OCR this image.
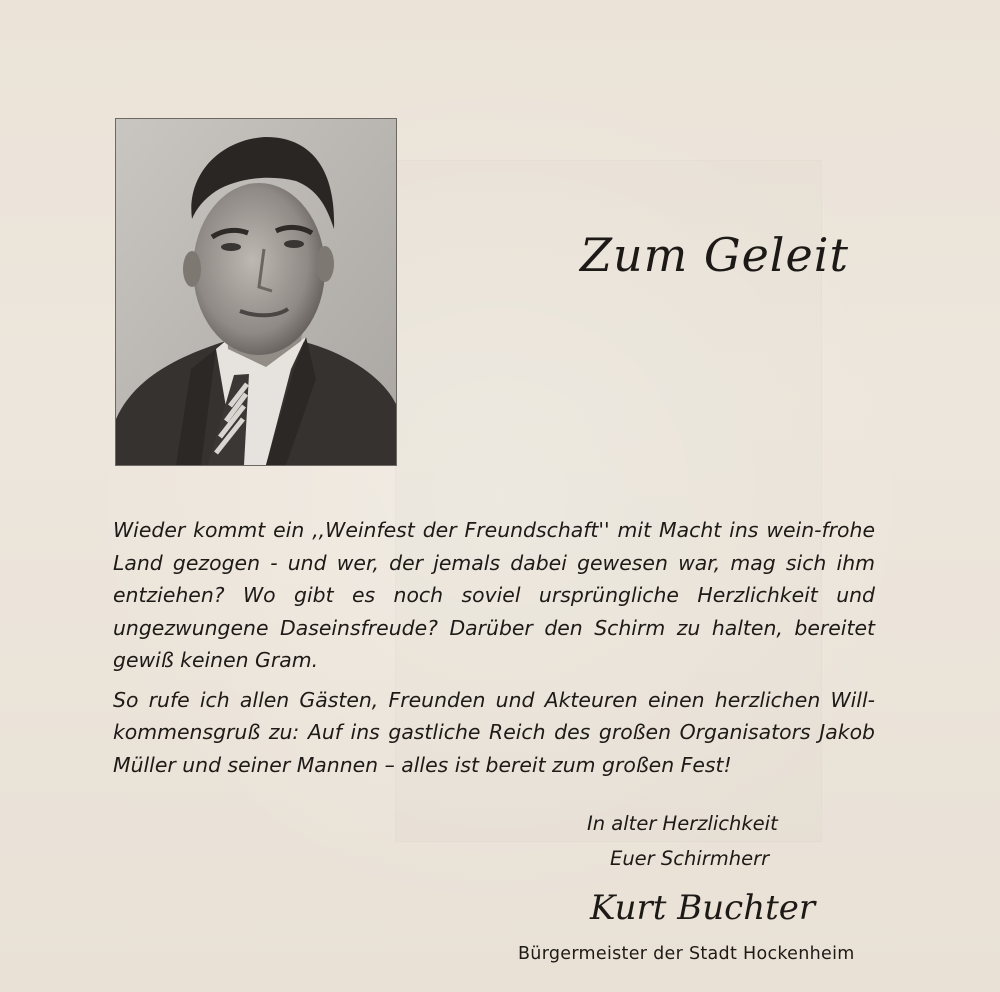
Zum Geleit

Wieder kommt ein ,,Weinfest der Freundschaft'' mit Macht ins wein-frohe Land gezogen - und wer, der jemals dabei gewesen war, mag sich ihm entziehen? Wo gibt es noch soviel ursprüngliche Herzlichkeit und ungezwungene Daseinsfreude? Darüber den Schirm zu halten, bereitet gewiß keinen Gram.

So rufe ich allen Gästen, Freunden und Akteuren einen herzlichen Will-kommensgruß zu: Auf ins gastliche Reich des großen Organisators Jakob Müller und seiner Mannen – alles ist bereit zum großen Fest!

In alter Herzlichkeit
Euer Schirmherr
Kurt Buchter
Bürgermeister der Stadt Hockenheim
